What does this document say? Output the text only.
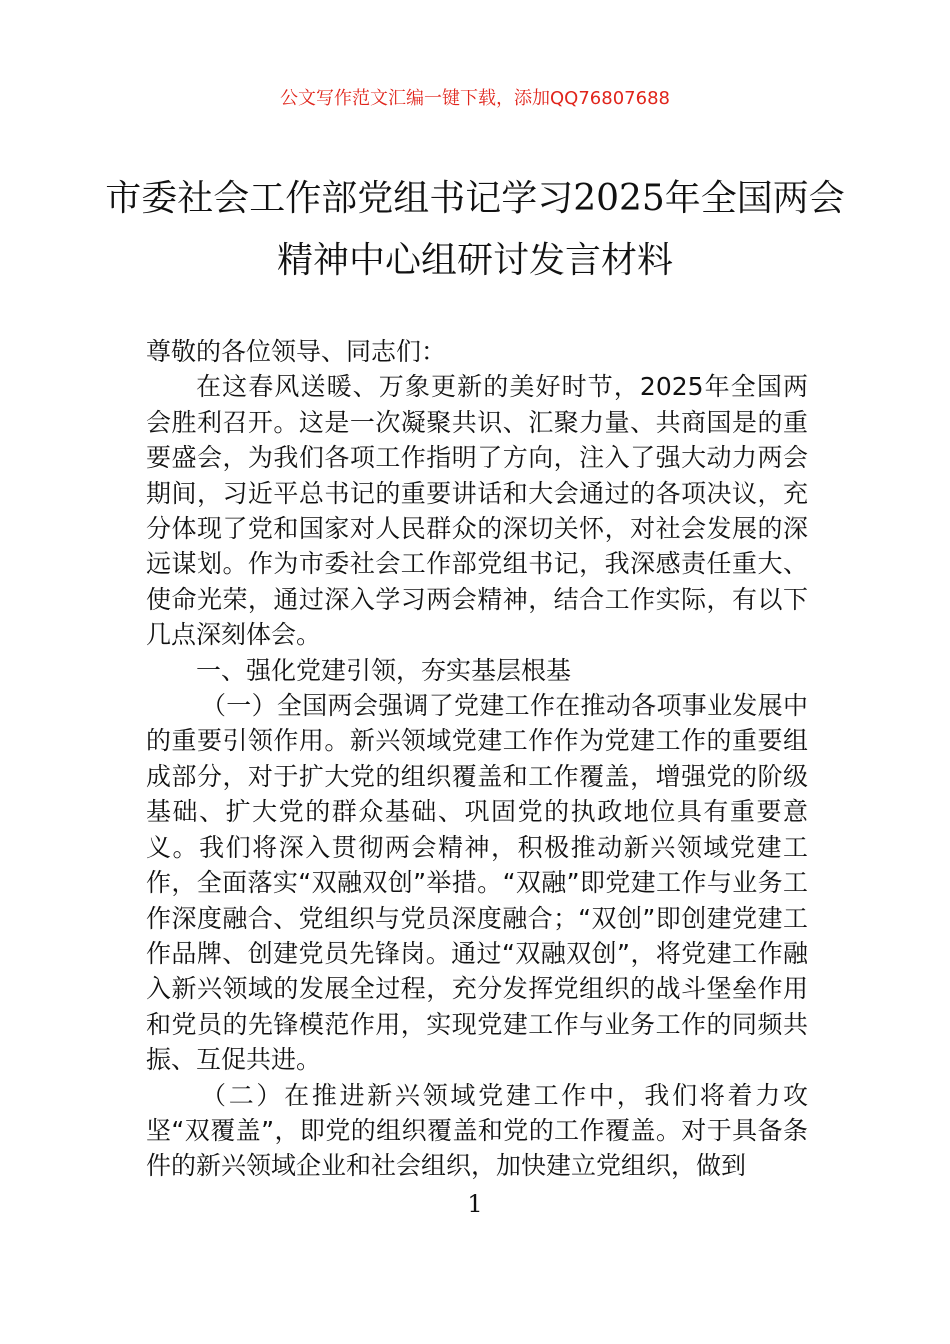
公文写作范文汇编一键下载，添加QQ76807688
市委社会工作部党组书记学习2025年全国两会精神中心组研讨发言材料

尊敬的各位领导、同志们：

在这春风送暖、万象更新的美好时节，2025年全国两会胜利召开。这是一次凝聚共识、汇聚力量、共商国是的重要盛会，为我们各项工作指明了方向，注入了强大动力两会期间，习近平总书记的重要讲话和大会通过的各项决议，充分体现了党和国家对人民群众的深切关怀，对社会发展的深远谋划。作为市委社会工作部党组书记，我深感责任重大、使命光荣，通过深入学习两会精神，结合工作实际，有以下几点深刻体会。

一、强化党建引领，夯实基层根基

（一）全国两会强调了党建工作在推动各项事业发展中的重要引领作用。新兴领域党建工作作为党建工作的重要组成部分，对于扩大党的组织覆盖和工作覆盖，增强党的阶级基础、扩大党的群众基础、巩固党的执政地位具有重要意义。我们将深入贯彻两会精神，积极推动新兴领域党建工作，全面落实“双融双创”举措。“双融”即党建工作与业务工作深度融合、党组织与党员深度融合；“双创”即创建党建工作品牌、创建党员先锋岗。通过“双融双创”，将党建工作融入新兴领域的发展全过程，充分发挥党组织的战斗堡垒作用和党员的先锋模范作用，实现党建工作与业务工作的同频共振、互促共进。

（二）在推进新兴领域党建工作中，我们将着力攻坚“双覆盖”，即党的组织覆盖和党的工作覆盖。对于具备条件的新兴领域企业和社会组织，加快建立党组织，做到

1
